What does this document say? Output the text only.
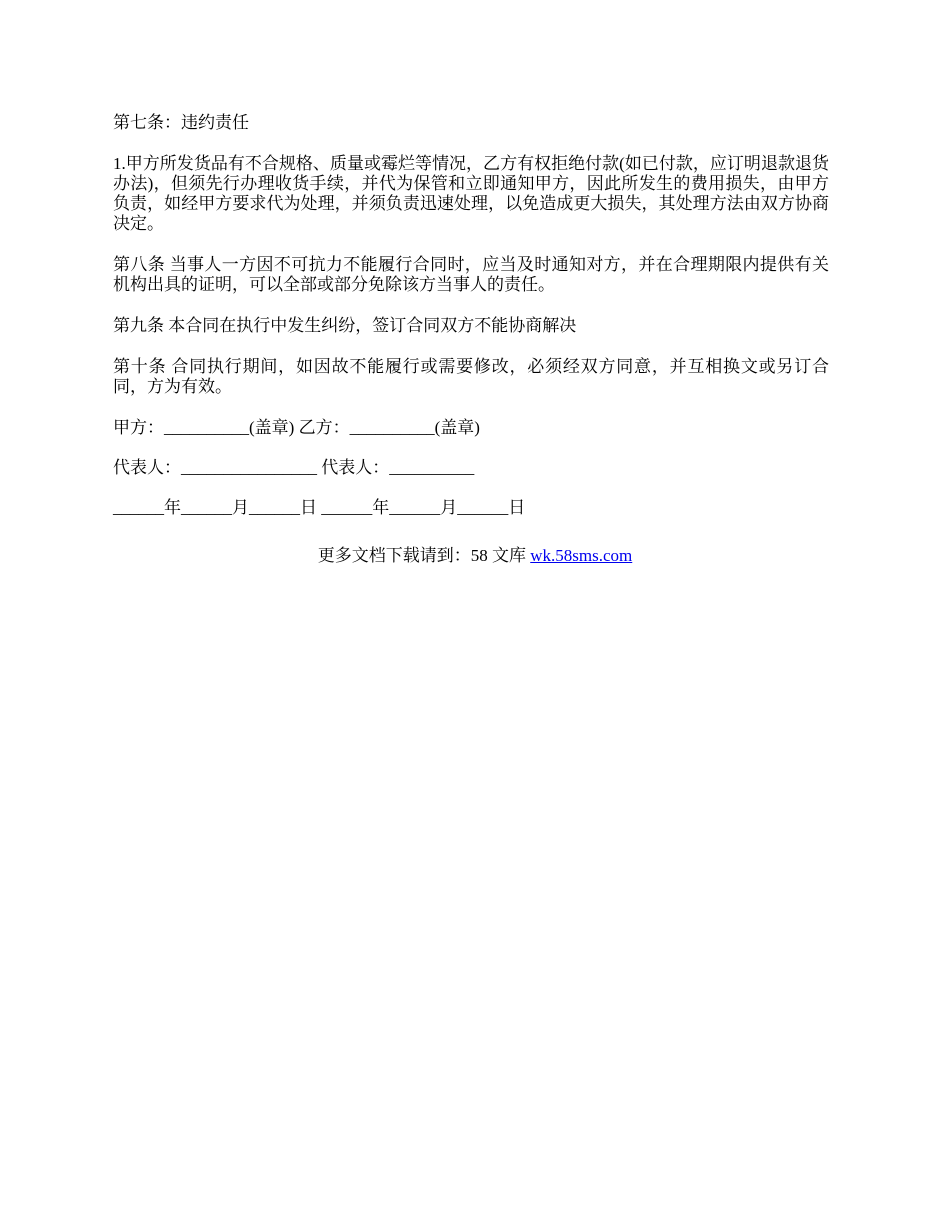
第七条：违约责任

1.甲方所发货品有不合规格、质量或霉烂等情况，乙方有权拒绝付款(如已付款，应订明退款退货办法)，但须先行办理收货手续，并代为保管和立即通知甲方，因此所发生的费用损失，由甲方负责，如经甲方要求代为处理，并须负责迅速处理，以免造成更大损失，其处理方法由双方协商决定。

第八条 当事人一方因不可抗力不能履行合同时，应当及时通知对方，并在合理期限内提供有关机构出具的证明，可以全部或部分免除该方当事人的责任。

第九条 本合同在执行中发生纠纷，签订合同双方不能协商解决

第十条 合同执行期间，如因故不能履行或需要修改，必须经双方同意，并互相换文或另订合同，方为有效。

甲方：__________(盖章) 乙方：__________(盖章)

代表人：________________ 代表人：__________

______年______月______日 ______年______月______日

更多文档下载请到：58 文库 wk.58sms.com
